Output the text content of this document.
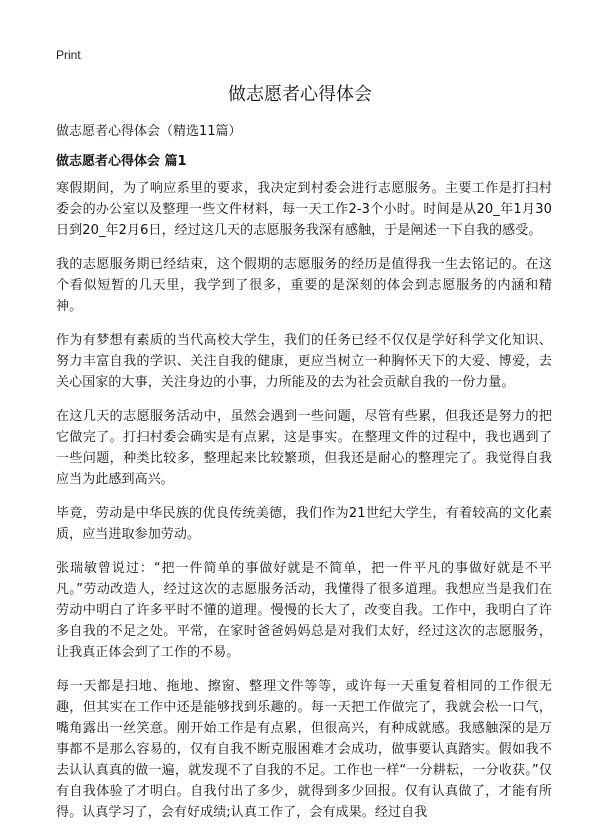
Print
做志愿者心得体会
做志愿者心得体会（精选11篇）
做志愿者心得体会 篇1

寒假期间，为了响应系里的要求，我决定到村委会进行志愿服务。主要工作是打扫村委会的办公室以及整理一些文件材料，每一天工作2-3个小时。时间是从20_年1月30日到20_年2月6日，经过这几天的志愿服务我深有感触，于是阐述一下自我的感受。

我的志愿服务期已经结束，这个假期的志愿服务的经历是值得我一生去铭记的。在这个看似短暂的几天里，我学到了很多，重要的是深刻的体会到志愿服务的内涵和精神。

作为有梦想有素质的当代高校大学生，我们的任务已经不仅仅是学好科学文化知识、努力丰富自我的学识、关注自我的健康，更应当树立一种胸怀天下的大爱、博爱，去关心国家的大事，关注身边的小事，力所能及的去为社会贡献自我的一份力量。

在这几天的志愿服务活动中，虽然会遇到一些问题，尽管有些累，但我还是努力的把它做完了。打扫村委会确实是有点累，这是事实。在整理文件的过程中，我也遇到了一些问题，种类比较多，整理起来比较繁琐，但我还是耐心的整理完了。我觉得自我应当为此感到高兴。

毕竟，劳动是中华民族的优良传统美德，我们作为21世纪大学生，有着较高的文化素质，应当进取参加劳动。

张瑞敏曾说过：“把一件简单的事做好就是不简单，把一件平凡的事做好就是不平凡。”劳动改造人，经过这次的志愿服务活动，我懂得了很多道理。我想应当是我们在劳动中明白了许多平时不懂的道理。慢慢的长大了，改变自我。工作中，我明白了许多自我的不足之处。平常，在家时爸爸妈妈总是对我们太好，经过这次的志愿服务，让我真正体会到了工作的不易。

每一天都是扫地、拖地、擦窗、整理文件等等，或许每一天重复着相同的工作很无趣，但其实在工作中还是能够找到乐趣的。每一天把工作做完了，我就会松一口气，嘴角露出一丝笑意。刚开始工作是有点累，但很高兴，有种成就感。我感触深的是万事都不是那么容易的，仅有自我不断克服困难才会成功，做事要认真踏实。假如我不去认认真真的做一遍，就发现不了自我的不足。工作也一样“一分耕耘，一分收获。”仅有自我体验了才明白。自我付出了多少，就得到多少回报。仅有认真做了，才能有所得。认真学习了，会有好成绩;认真工作了，会有成果。经过自我
